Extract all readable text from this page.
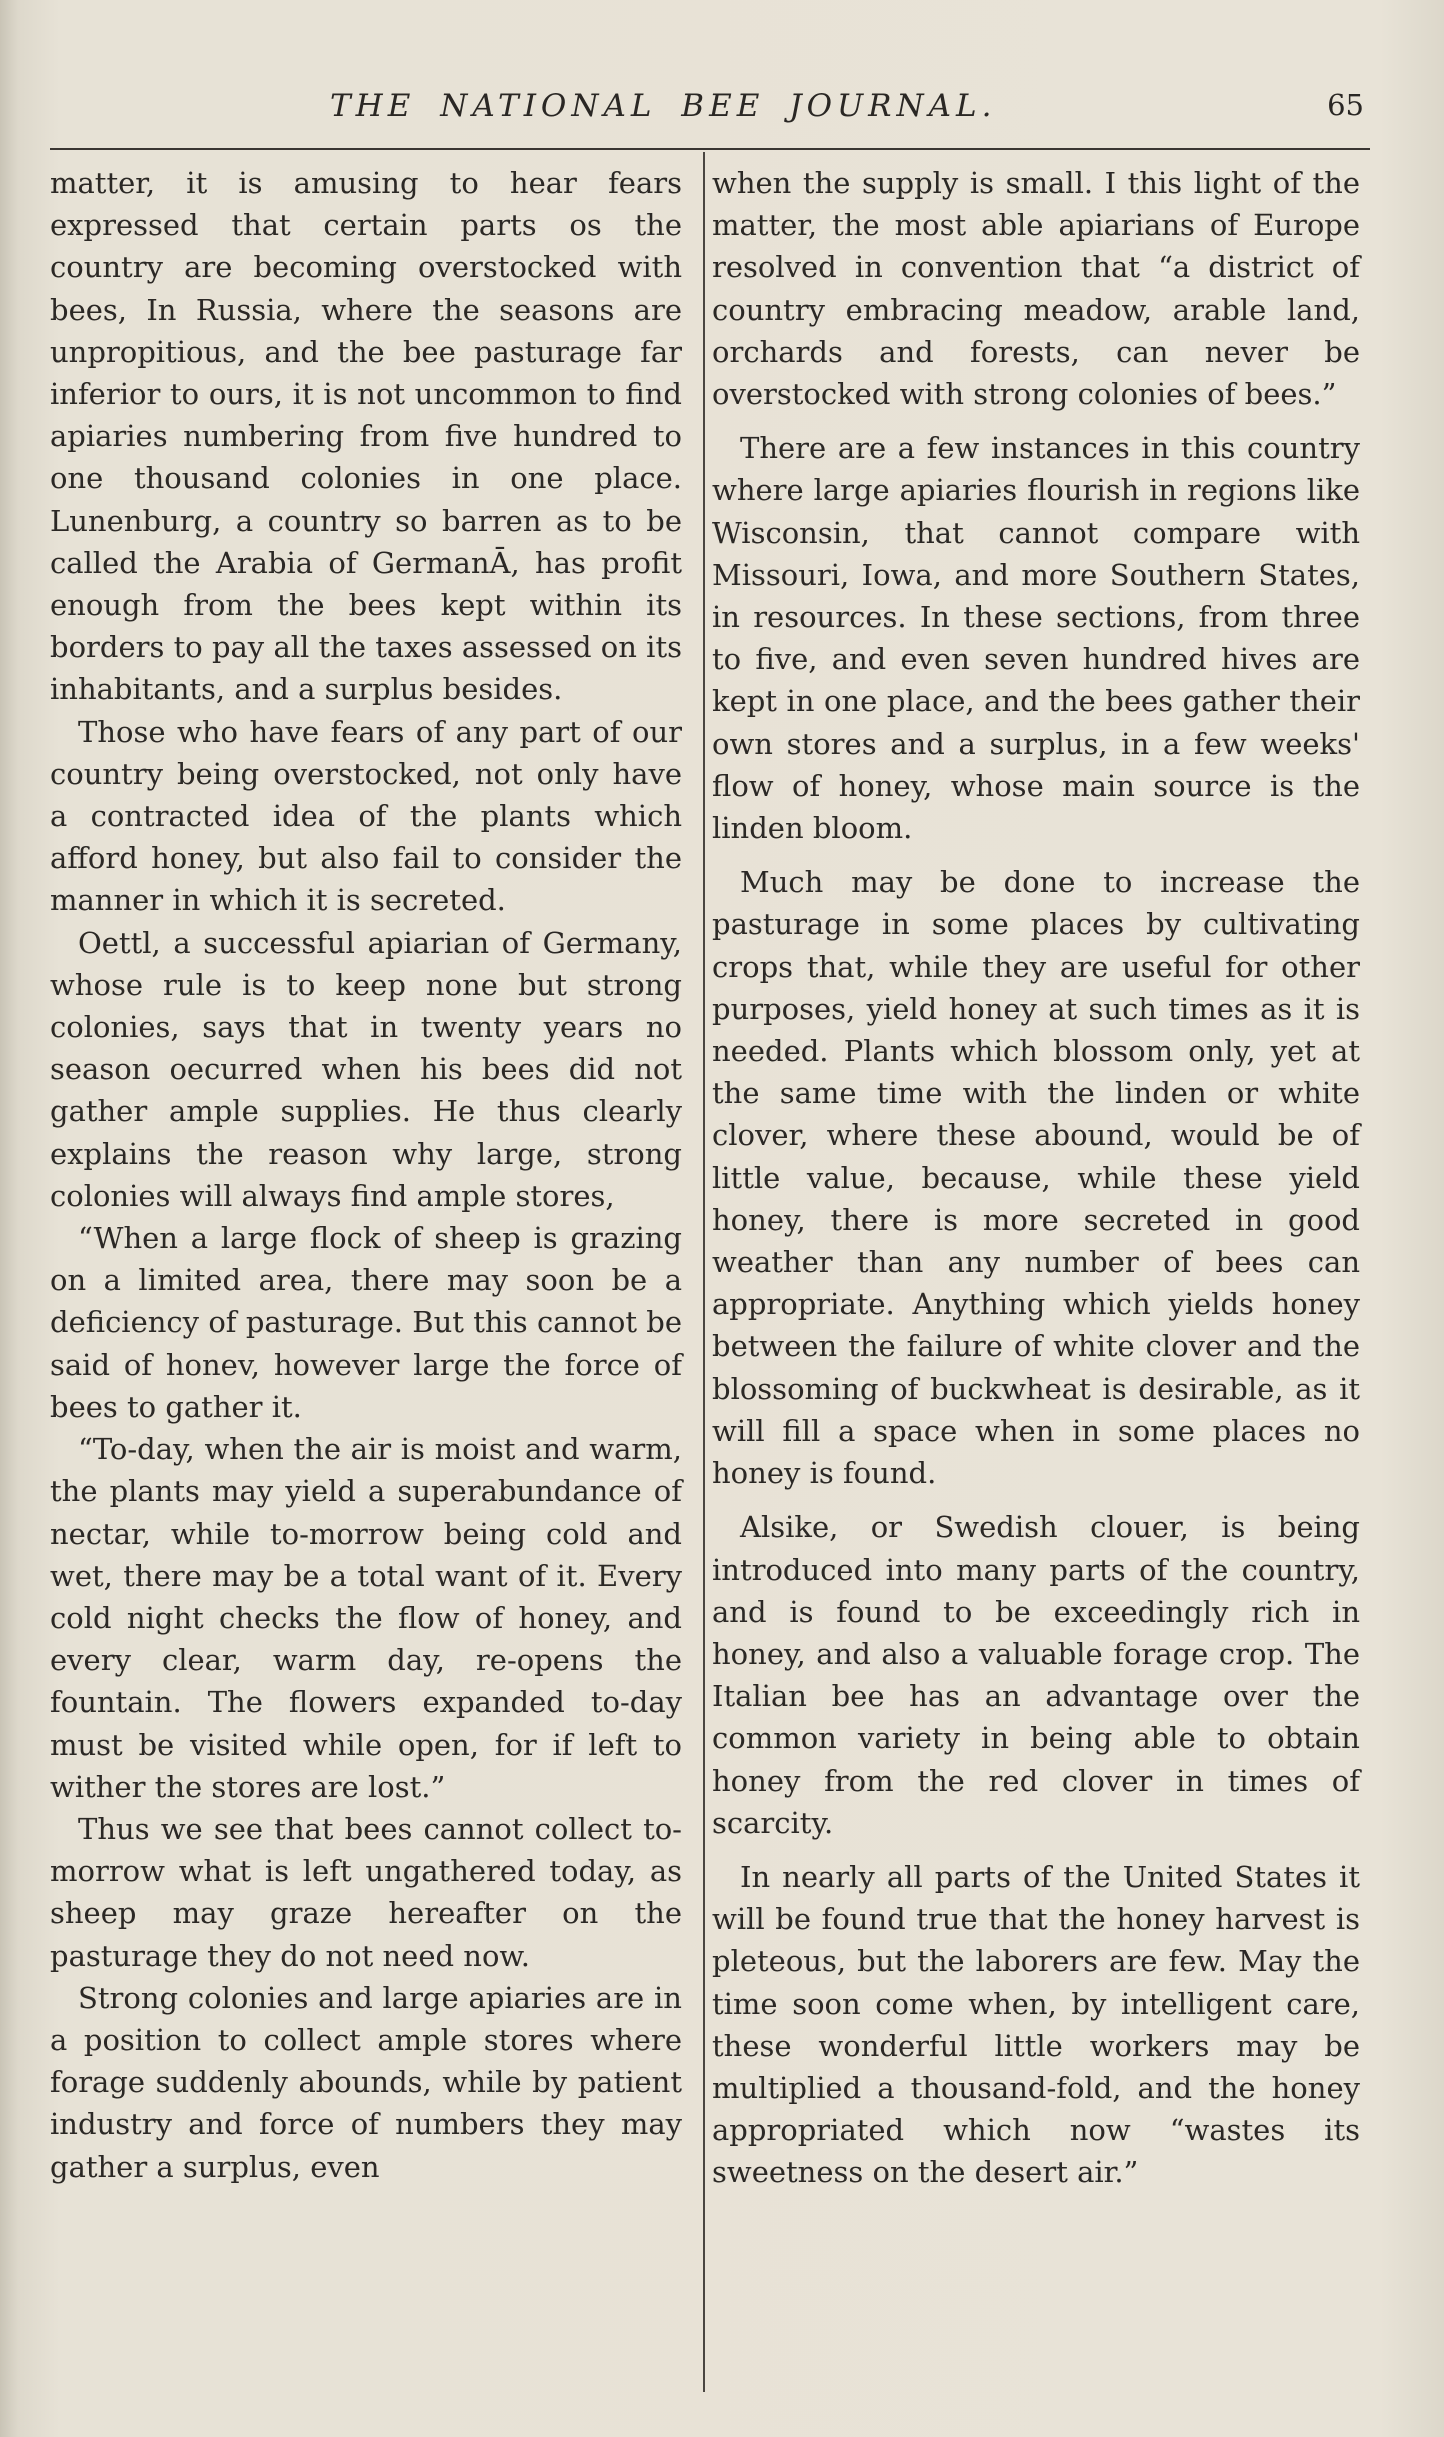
THE NATIONAL BEE JOURNAL.	65

matter, it is amusing to hear fears expressed that certain parts os the country are becoming overstocked with bees, In Russia, where the seasons are unpropitious, and the bee pasturage far inferior to ours, it is not uncommon to find apiaries numbering from five hundred to one thousand colonies in one place. Lunenburg, a country so barren as to be called the Arabia of GermanĀ, has profit enough from the bees kept within its borders to pay all the taxes assessed on its inhabitants, and a surplus besides.

Those who have fears of any part of our country being overstocked, not only have a contracted idea of the plants which afford honey, but also fail to consider the manner in which it is secreted.

Oettl, a successful apiarian of Germany, whose rule is to keep none but strong colonies, says that in twenty years no season oecurred when his bees did not gather ample supplies. He thus clearly explains the reason why large, strong colonies will always find ample stores,

“When a large flock of sheep is grazing on a limited area, there may soon be a deficiency of pasturage. But this cannot be said of honev, however large the force of bees to gather it.

“To-day, when the air is moist and warm, the plants may yield a superabundance of nectar, while to-morrow being cold and wet, there may be a total want of it. Every cold night checks the flow of honey, and every clear, warm day, re-opens the fountain. The flowers expanded to-day must be visited while open, for if left to wither the stores are lost.”

Thus we see that bees cannot collect to-morrow what is left ungathered today, as sheep may graze hereafter on the pasturage they do not need now.

Strong colonies and large apiaries are in a position to collect ample stores where forage suddenly abounds, while by patient industry and force of numbers they may gather a surplus, even

when the supply is small. I this light of the matter, the most able apiarians of Europe resolved in convention that “a district of country embracing meadow, arable land, orchards and forests, can never be overstocked with strong colonies of bees.”

There are a few instances in this country where large apiaries flourish in regions like Wisconsin, that cannot compare with Missouri, Iowa, and more Southern States, in resources. In these sections, from three to five, and even seven hundred hives are kept in one place, and the bees gather their own stores and a surplus, in a few weeks' flow of honey, whose main source is the linden bloom.

Much may be done to increase the pasturage in some places by cultivating crops that, while they are useful for other purposes, yield honey at such times as it is needed. Plants which blossom only, yet at the same time with the linden or white clover, where these abound, would be of little value, because, while these yield honey, there is more secreted in good weather than any number of bees can appropriate. Anything which yields honey between the failure of white clover and the blossoming of buckwheat is desirable, as it will fill a space when in some places no honey is found.

Alsike, or Swedish clouer, is being introduced into many parts of the country, and is found to be exceedingly rich in honey, and also a valuable forage crop. The Italian bee has an advantage over the common variety in being able to obtain honey from the red clover in times of scarcity.

In nearly all parts of the United States it will be found true that the honey harvest is pleteous, but the laborers are few. May the time soon come when, by intelligent care, these wonderful little workers may be multiplied a thousand-fold, and the honey appropriated which now “wastes its sweetness on the desert air.”
